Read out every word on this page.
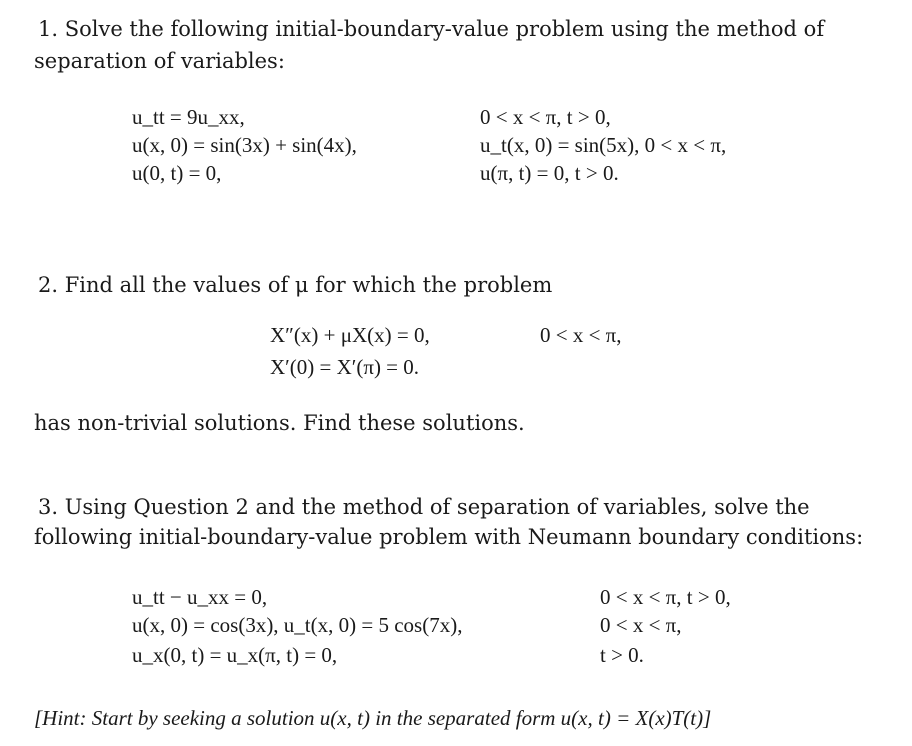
1. Solve the following initial-boundary-value problem using the method of
separation of variables:
u_tt = 9u_xx,
u(x, 0) = sin(3x) + sin(4x),
u(0, t) = 0,
0 < x < π, t > 0,
u_t(x, 0) = sin(5x), 0 < x < π,
u(π, t) = 0, t > 0.
2. Find all the values of μ for which the problem
X″(x) + μX(x) = 0,
X′(0) = X′(π) = 0.
0 < x < π,
has non-trivial solutions. Find these solutions.
3. Using Question 2 and the method of separation of variables, solve the
following initial-boundary-value problem with Neumann boundary conditions:
u_tt − u_xx = 0,
u(x, 0) = cos(3x), u_t(x, 0) = 5 cos(7x),
u_x(0, t) = u_x(π, t) = 0,
0 < x < π, t > 0,
0 < x < π,
t > 0.
[Hint: Start by seeking a solution u(x, t) in the separated form u(x, t) = X(x)T(t)]
